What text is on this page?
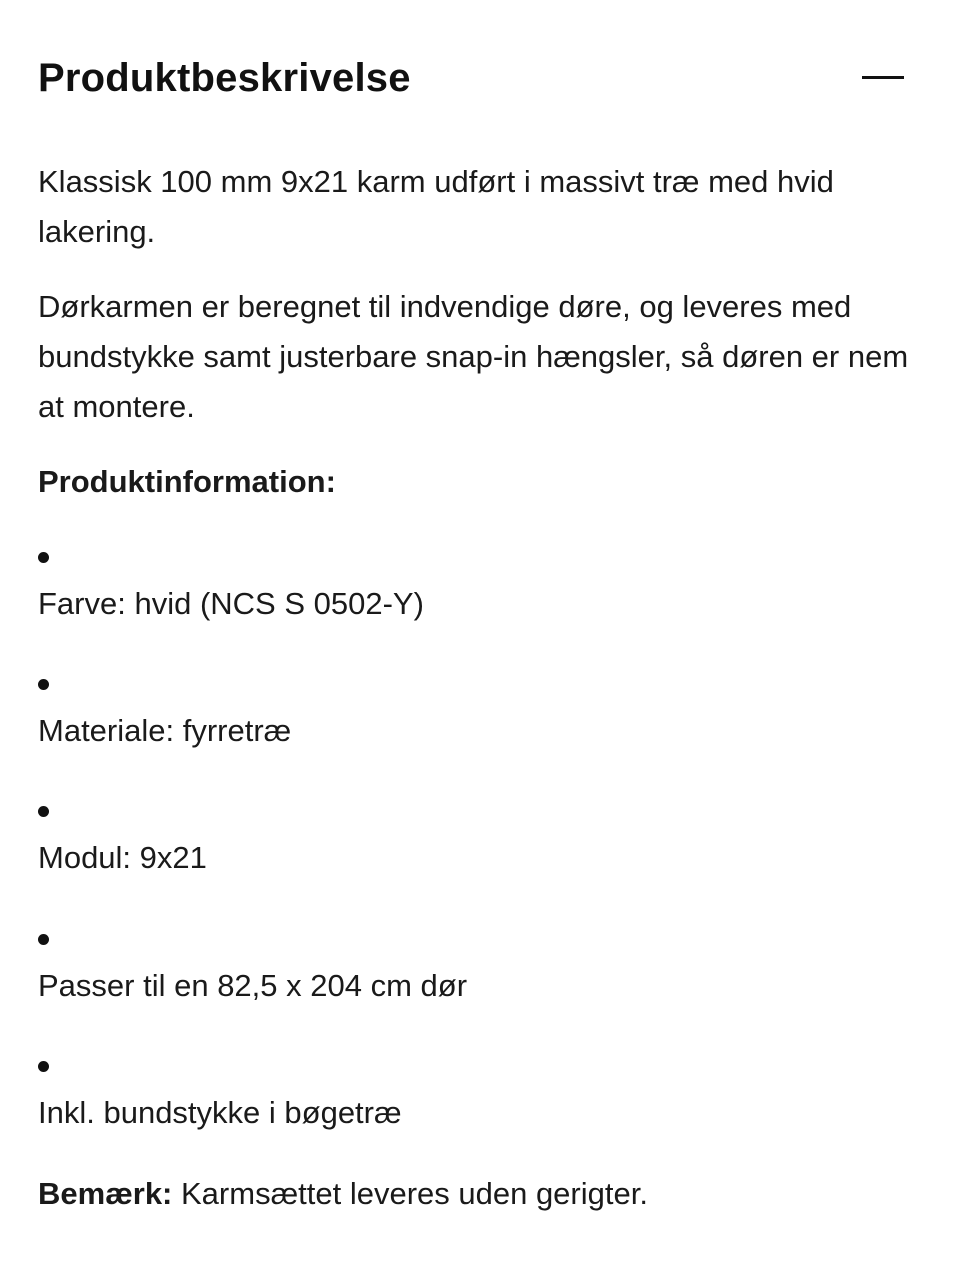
Produktbeskrivelse

Klassisk 100 mm 9x21 karm udført i massivt træ med hvid lakering.

Dørkarmen er beregnet til indvendige døre, og leveres med bundstykke samt justerbare snap-in hængsler, så døren er nem at montere.

Produktinformation:

Farve: hvid (NCS S 0502-Y)
Materiale: fyrretræ
Modul: 9x21
Passer til en 82,5 x 204 cm dør
Inkl. bundstykke i bøgetræ

Bemærk: Karmsættet leveres uden gerigter.
